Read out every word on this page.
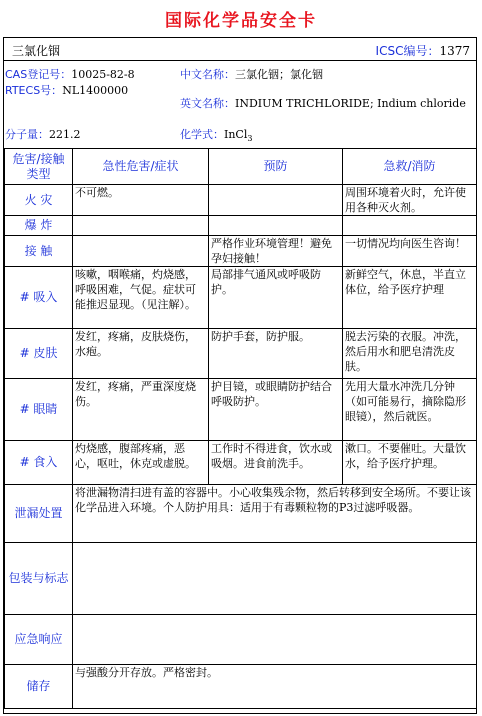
国际化学品安全卡
三氯化铟	ICSC编号：1377
CAS登记号：10025-82-8
RTECS号：NL1400000
中文名称：三氯化铟；氯化铟
英文名称：INDIUM TRICHLORIDE; Indium chloride
分子量：221.2	化学式：InCl$_3$
危害/接触类型	急性危害/症状	预防	急救/消防
火 灾	不可燃。		周围环境着火时，允许使用各种灭火剂。
爆 炸			
接 触		严格作业环境管理！避免孕妇接触！	一切情况均向医生咨询！
# 吸入	咳嗽，咽喉痛，灼烧感，呼吸困难，气促。症状可能推迟显现。（见注解）。	局部排气通风或呼吸防护。	新鲜空气，休息，半直立体位，给予医疗护理
# 皮肤	发红，疼痛，皮肤烧伤，水疱。	防护手套，防护服。	脱去污染的衣服。冲洗，然后用水和肥皂清洗皮肤。
# 眼睛	发红，疼痛，严重深度烧伤。	护目镜，或眼睛防护结合呼吸防护。	先用大量水冲洗几分钟（如可能易行，摘除隐形眼镜），然后就医。
# 食入	灼烧感，腹部疼痛，恶心，呕吐，休克或虚脱。	工作时不得进食，饮水或吸烟。进食前洗手。	漱口。不要催吐。大量饮水，给予医疗护理。
泄漏处置	将泄漏物清扫进有盖的容器中。小心收集残余物，然后转移到安全场所。不要让该化学品进入环境。个人防护用具：适用于有毒颗粒物的P3过滤呼吸器。		
包装与标志			
应急响应			
储存	与强酸分开存放。严格密封。		
